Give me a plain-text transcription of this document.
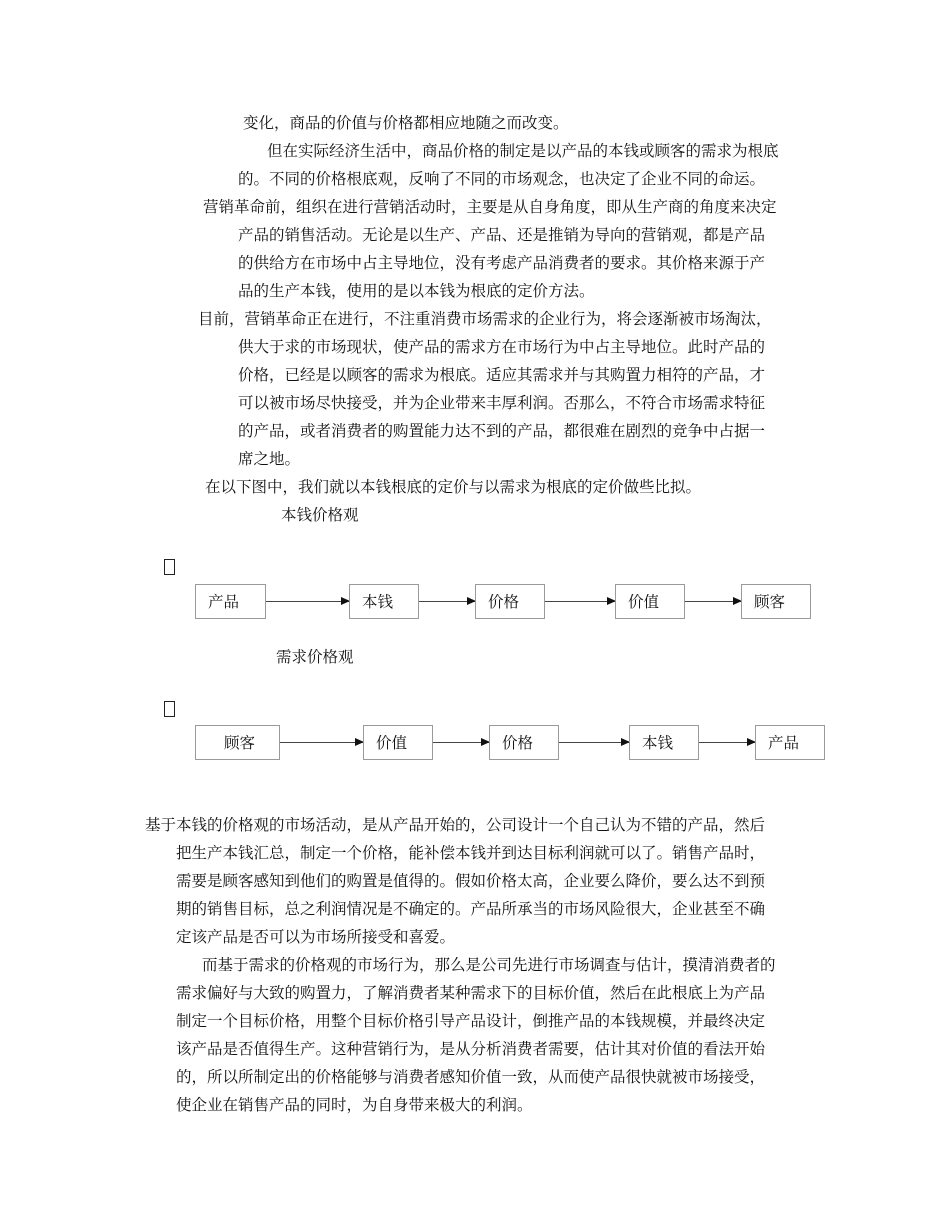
变化，商品的价值与价格都相应地随之而改变。
但在实际经济生活中，商品价格的制定是以产品的本钱或顾客的需求为根底
的。不同的价格根底观，反响了不同的市场观念，也决定了企业不同的命运。
营销革命前，组织在进行营销活动时，主要是从自身角度，即从生产商的角度来决定
产品的销售活动。无论是以生产、产品、还是推销为导向的营销观，都是产品
的供给方在市场中占主导地位，没有考虑产品消费者的要求。其价格来源于产
品的生产本钱，使用的是以本钱为根底的定价方法。
目前，营销革命正在进行，不注重消费市场需求的企业行为，将会逐渐被市场淘汰，
供大于求的市场现状，使产品的需求方在市场行为中占主导地位。此时产品的
价格，已经是以顾客的需求为根底。适应其需求并与其购置力相符的产品，才
可以被市场尽快接受，并为企业带来丰厚利润。否那么，不符合市场需求特征
的产品，或者消费者的购置能力达不到的产品，都很难在剧烈的竞争中占据一
席之地。
在以下图中，我们就以本钱根底的定价与以需求为根底的定价做些比拟。
本钱价格观
产品	本钱	价格	价值	顾客
需求价格观
顾客	价值	价格	本钱	产品
基于本钱的价格观的市场活动，是从产品开始的，公司设计一个自己认为不错的产品，然后
把生产本钱汇总，制定一个价格，能补偿本钱并到达目标利润就可以了。销售产品时，
需要是顾客感知到他们的购置是值得的。假如价格太高，企业要么降价，要么达不到预
期的销售目标，总之利润情况是不确定的。产品所承当的市场风险很大，企业甚至不确
定该产品是否可以为市场所接受和喜爱。
而基于需求的价格观的市场行为，那么是公司先进行市场调查与估计，摸清消费者的
需求偏好与大致的购置力，了解消费者某种需求下的目标价值，然后在此根底上为产品
制定一个目标价格，用整个目标价格引导产品设计，倒推产品的本钱规模，并最终决定
该产品是否值得生产。这种营销行为，是从分析消费者需要，估计其对价值的看法开始
的，所以所制定出的价格能够与消费者感知价值一致，从而使产品很快就被市场接受，
使企业在销售产品的同时，为自身带来极大的利润。
